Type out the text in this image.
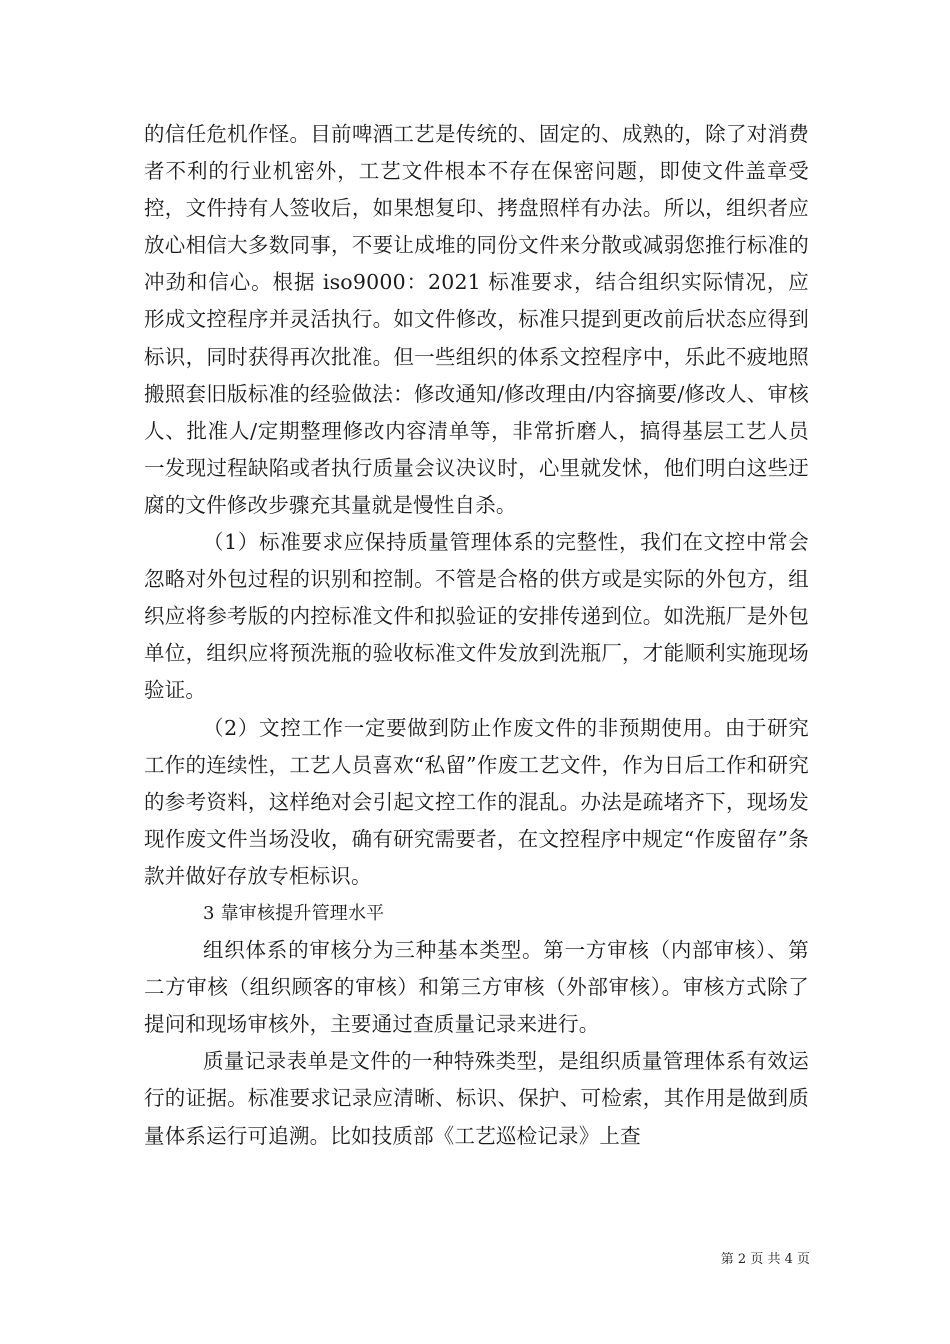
的信任危机作怪。目前啤酒工艺是传统的、固定的、成熟的，除了对消费者不利的行业机密外，工艺文件根本不存在保密问题，即使文件盖章受控，文件持有人签收后，如果想复印、拷盘照样有办法。所以，组织者应放心相信大多数同事，不要让成堆的同份文件来分散或减弱您推行标准的冲劲和信心。根据 iso9000：2021 标准要求，结合组织实际情况，应形成文控程序并灵活执行。如文件修改，标准只提到更改前后状态应得到标识，同时获得再次批准。但一些组织的体系文控程序中，乐此不疲地照搬照套旧版标准的经验做法：修改通知/修改理由/内容摘要/修改人、审核人、批准人/定期整理修改内容清单等，非常折磨人，搞得基层工艺人员一发现过程缺陷或者执行质量会议决议时，心里就发怵，他们明白这些迂腐的文件修改步骤充其量就是慢性自杀。

（1）标准要求应保持质量管理体系的完整性，我们在文控中常会忽略对外包过程的识别和控制。不管是合格的供方或是实际的外包方，组织应将参考版的内控标准文件和拟验证的安排传递到位。如洗瓶厂是外包单位，组织应将预洗瓶的验收标准文件发放到洗瓶厂，才能顺利实施现场验证。

（2）文控工作一定要做到防止作废文件的非预期使用。由于研究工作的连续性，工艺人员喜欢“私留”作废工艺文件，作为日后工作和研究的参考资料，这样绝对会引起文控工作的混乱。办法是疏堵齐下，现场发现作废文件当场没收，确有研究需要者，在文控程序中规定“作废留存”条款并做好存放专柜标识。

3 靠审核提升管理水平

组织体系的审核分为三种基本类型。第一方审核（内部审核）、第二方审核（组织顾客的审核）和第三方审核（外部审核）。审核方式除了提问和现场审核外，主要通过查质量记录来进行。

质量记录表单是文件的一种特殊类型，是组织质量管理体系有效运行的证据。标准要求记录应清晰、标识、保护、可检索，其作用是做到质量体系运行可追溯。比如技质部《工艺巡检记录》上查

第 2 页 共 4 页
